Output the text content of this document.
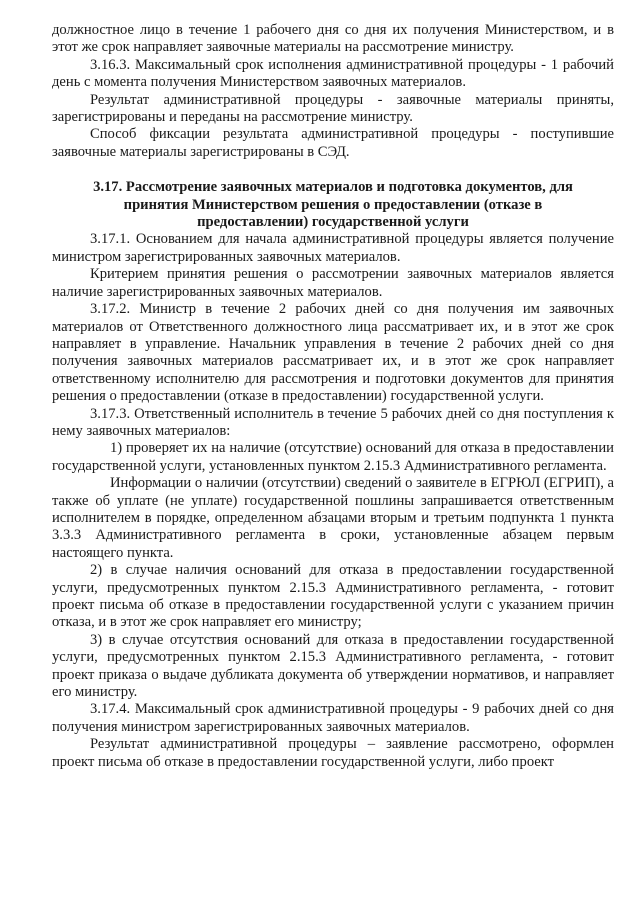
должностное лицо в течение 1 рабочего дня со дня их получения Министерством, и в этот же срок направляет заявочные материалы на рассмотрение министру.

3.16.3. Максимальный срок исполнения административной процедуры - 1 рабочий день с момента получения Министерством заявочных материалов.

Результат административной процедуры - заявочные материалы приняты, зарегистрированы и переданы на рассмотрение министру.

Способ фиксации результата административной процедуры - поступившие заявочные материалы зарегистрированы в СЭД.

3.17. Рассмотрение заявочных материалов и подготовка документов, для принятия Министерством решения о предоставлении (отказе в предоставлении) государственной услуги

3.17.1. Основанием для начала административной процедуры является получение министром зарегистрированных заявочных материалов.

Критерием принятия решения о рассмотрении заявочных материалов является наличие зарегистрированных заявочных материалов.

3.17.2. Министр в течение 2 рабочих дней со дня получения им заявочных материалов от Ответственного должностного лица рассматривает их, и в этот же срок направляет в управление. Начальник управления в течение 2 рабочих дней со дня получения заявочных материалов рассматривает их, и в этот же срок направляет ответственному исполнителю для рассмотрения и подготовки документов для принятия решения о предоставлении (отказе в предоставлении) государственной услуги.

3.17.3. Ответственный исполнитель в течение 5 рабочих дней со дня поступления к нему заявочных материалов:

1) проверяет их на наличие (отсутствие) оснований для отказа в предоставлении государственной услуги, установленных пунктом 2.15.3 Административного регламента.

Информации о наличии (отсутствии) сведений о заявителе в ЕГРЮЛ (ЕГРИП), а также об уплате (не уплате) государственной пошлины запрашивается ответственным исполнителем в порядке, определенном абзацами вторым и третьим подпункта 1 пункта 3.3.3 Административного регламента в сроки, установленные абзацем первым настоящего пункта.

2) в случае наличия оснований для отказа в предоставлении государственной услуги, предусмотренных пунктом 2.15.3 Административного регламента, - готовит проект письма об отказе в предоставлении государственной услуги с указанием причин отказа, и в этот же срок направляет его министру;

3) в случае отсутствия оснований для отказа в предоставлении государственной услуги, предусмотренных пунктом 2.15.3 Административного регламента, - готовит проект приказа о выдаче дубликата документа об утверждении нормативов, и направляет его министру.

3.17.4. Максимальный срок административной процедуры - 9 рабочих дней со дня получения министром зарегистрированных заявочных материалов.

Результат административной процедуры – заявление рассмотрено, оформлен проект письма об отказе в предоставлении государственной услуги, либо проект
